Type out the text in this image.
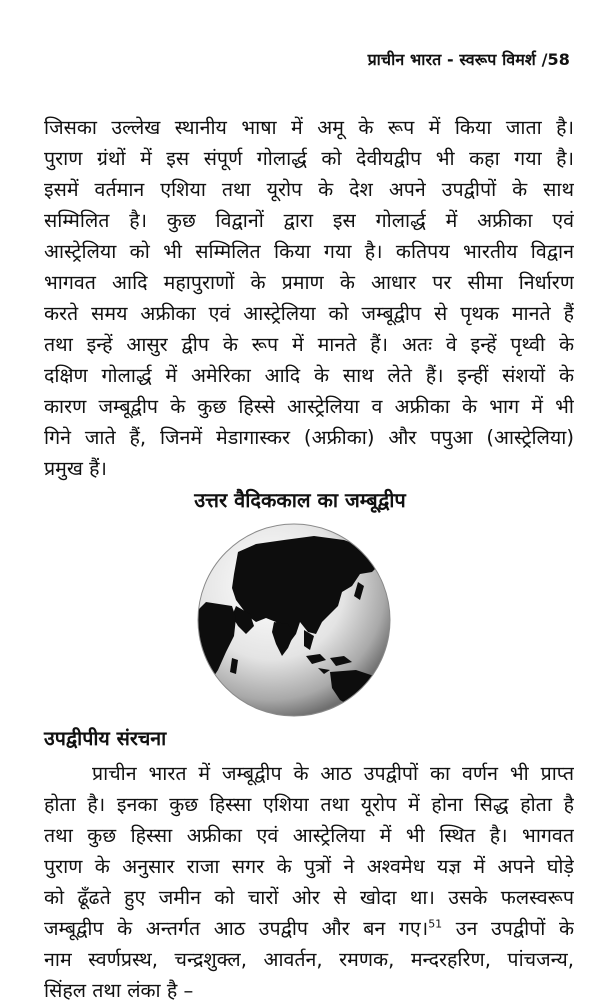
प्राचीन भारत - स्वरूप विमर्श /58
जिसका उल्लेख स्थानीय भाषा में अमू के रूप में किया जाता है।
पुराण ग्रंथों में इस संपूर्ण गोलार्द्ध को देवीयद्वीप भी कहा गया है।
इसमें वर्तमान एशिया तथा यूरोप के देश अपने उपद्वीपों के साथ
सम्मिलित है। कुछ विद्वानों द्वारा इस गोलार्द्ध में अफ्रीका एवं
आस्ट्रेलिया को भी सम्मिलित किया गया है। कतिपय भारतीय विद्वान
भागवत आदि महापुराणों के प्रमाण के आधार पर सीमा निर्धारण
करते समय अफ्रीका एवं आस्ट्रेलिया को जम्बूद्वीप से पृथक मानते हैं
तथा इन्हें आसुर द्वीप के रूप में मानते हैं। अतः वे इन्हें पृथ्वी के
दक्षिण गोलार्द्ध में अमेरिका आदि के साथ लेते हैं। इन्हीं संशयों के
कारण जम्बूद्वीप के कुछ हिस्से आस्ट्रेलिया व अफ्रीका के भाग में भी
गिने जाते हैं, जिनमें मेडागास्कर (अफ्रीका) और पपुआ (आस्ट्रेलिया)
प्रमुख हैं।
उत्तर वैदिककाल का जम्बूद्वीप
उपद्वीपीय संरचना
प्राचीन भारत में जम्बूद्वीप के आठ उपद्वीपों का वर्णन भी प्राप्त
होता है। इनका कुछ हिस्सा एशिया तथा यूरोप में होना सिद्ध होता है
तथा कुछ हिस्सा अफ्रीका एवं आस्ट्रेलिया में भी स्थित है। भागवत
पुराण के अनुसार राजा सगर के पुत्रों ने अश्वमेध यज्ञ में अपने घोड़े
को ढूँढते हुए जमीन को चारों ओर से खोदा था। उसके फलस्वरूप
जम्बूद्वीप के अन्तर्गत आठ उपद्वीप और बन गए।$^{51}$ उन उपद्वीपों के
नाम स्वर्णप्रस्थ, चन्द्रशुक्ल, आवर्तन, रमणक, मन्दरहरिण, पांचजन्य,
सिंहल तथा लंका है –
